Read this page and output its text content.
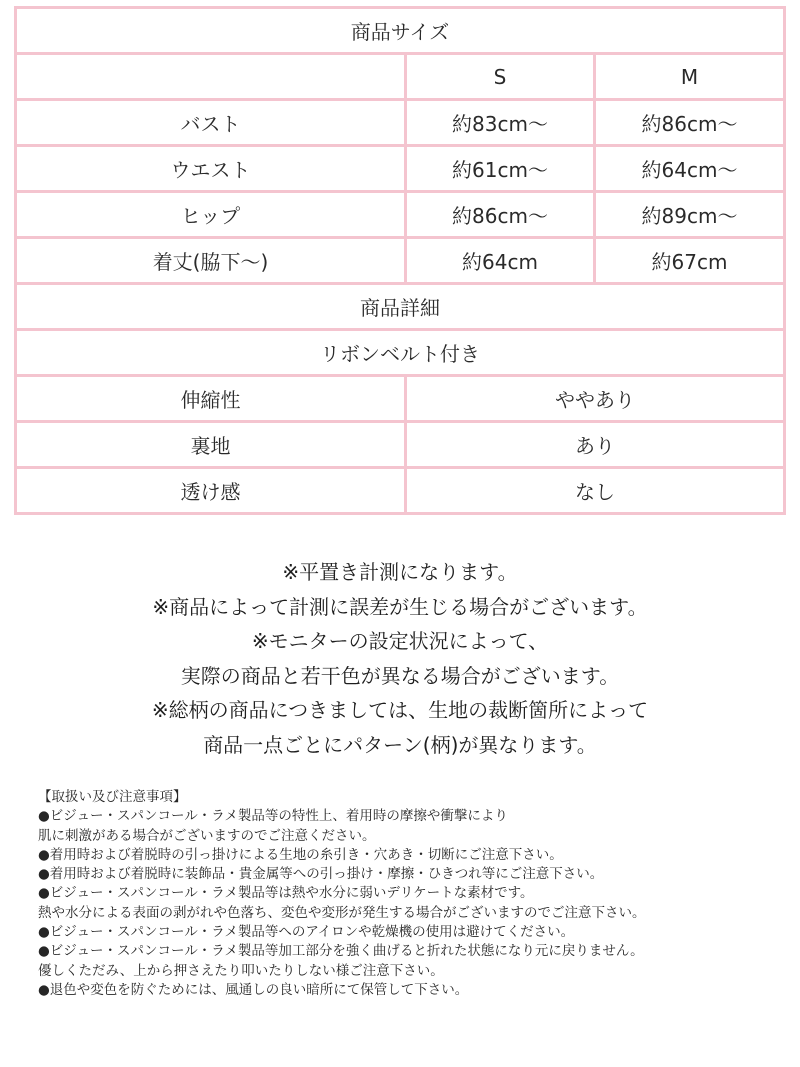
商品サイズ		
	S	M
バスト	約83cm～	約86cm～
ウエスト	約61cm～	約64cm～
ヒップ	約86cm～	約89cm～
着丈(脇下～)	約64cm	約67cm
商品詳細		
リボンベルト付き		
伸縮性	ややあり	
裏地	あり	
透け感	なし	
※平置き計測になります。
※商品によって計測に誤差が生じる場合がございます。
※モニターの設定状況によって、
実際の商品と若干色が異なる場合がございます。
※総柄の商品につきましては、生地の裁断箇所によって
商品一点ごとにパターン(柄)が異なります。
【取扱い及び注意事項】
●ビジュー・スパンコール・ラメ製品等の特性上、着用時の摩擦や衝撃により
肌に刺激がある場合がございますのでご注意ください。
●着用時および着脱時の引っ掛けによる生地の糸引き・穴あき・切断にご注意下さい。
●着用時および着脱時に装飾品・貴金属等への引っ掛け・摩擦・ひきつれ等にご注意下さい。
●ビジュー・スパンコール・ラメ製品等は熱や水分に弱いデリケートな素材です。
熱や水分による表面の剥がれや色落ち、変色や変形が発生する場合がございますのでご注意下さい。
●ビジュー・スパンコール・ラメ製品等へのアイロンや乾燥機の使用は避けてください。
●ビジュー・スパンコール・ラメ製品等加工部分を強く曲げると折れた状態になり元に戻りません。
優しくただみ、上から押さえたり叩いたりしない様ご注意下さい。
●退色や変色を防ぐためには、風通しの良い暗所にて保管して下さい。
